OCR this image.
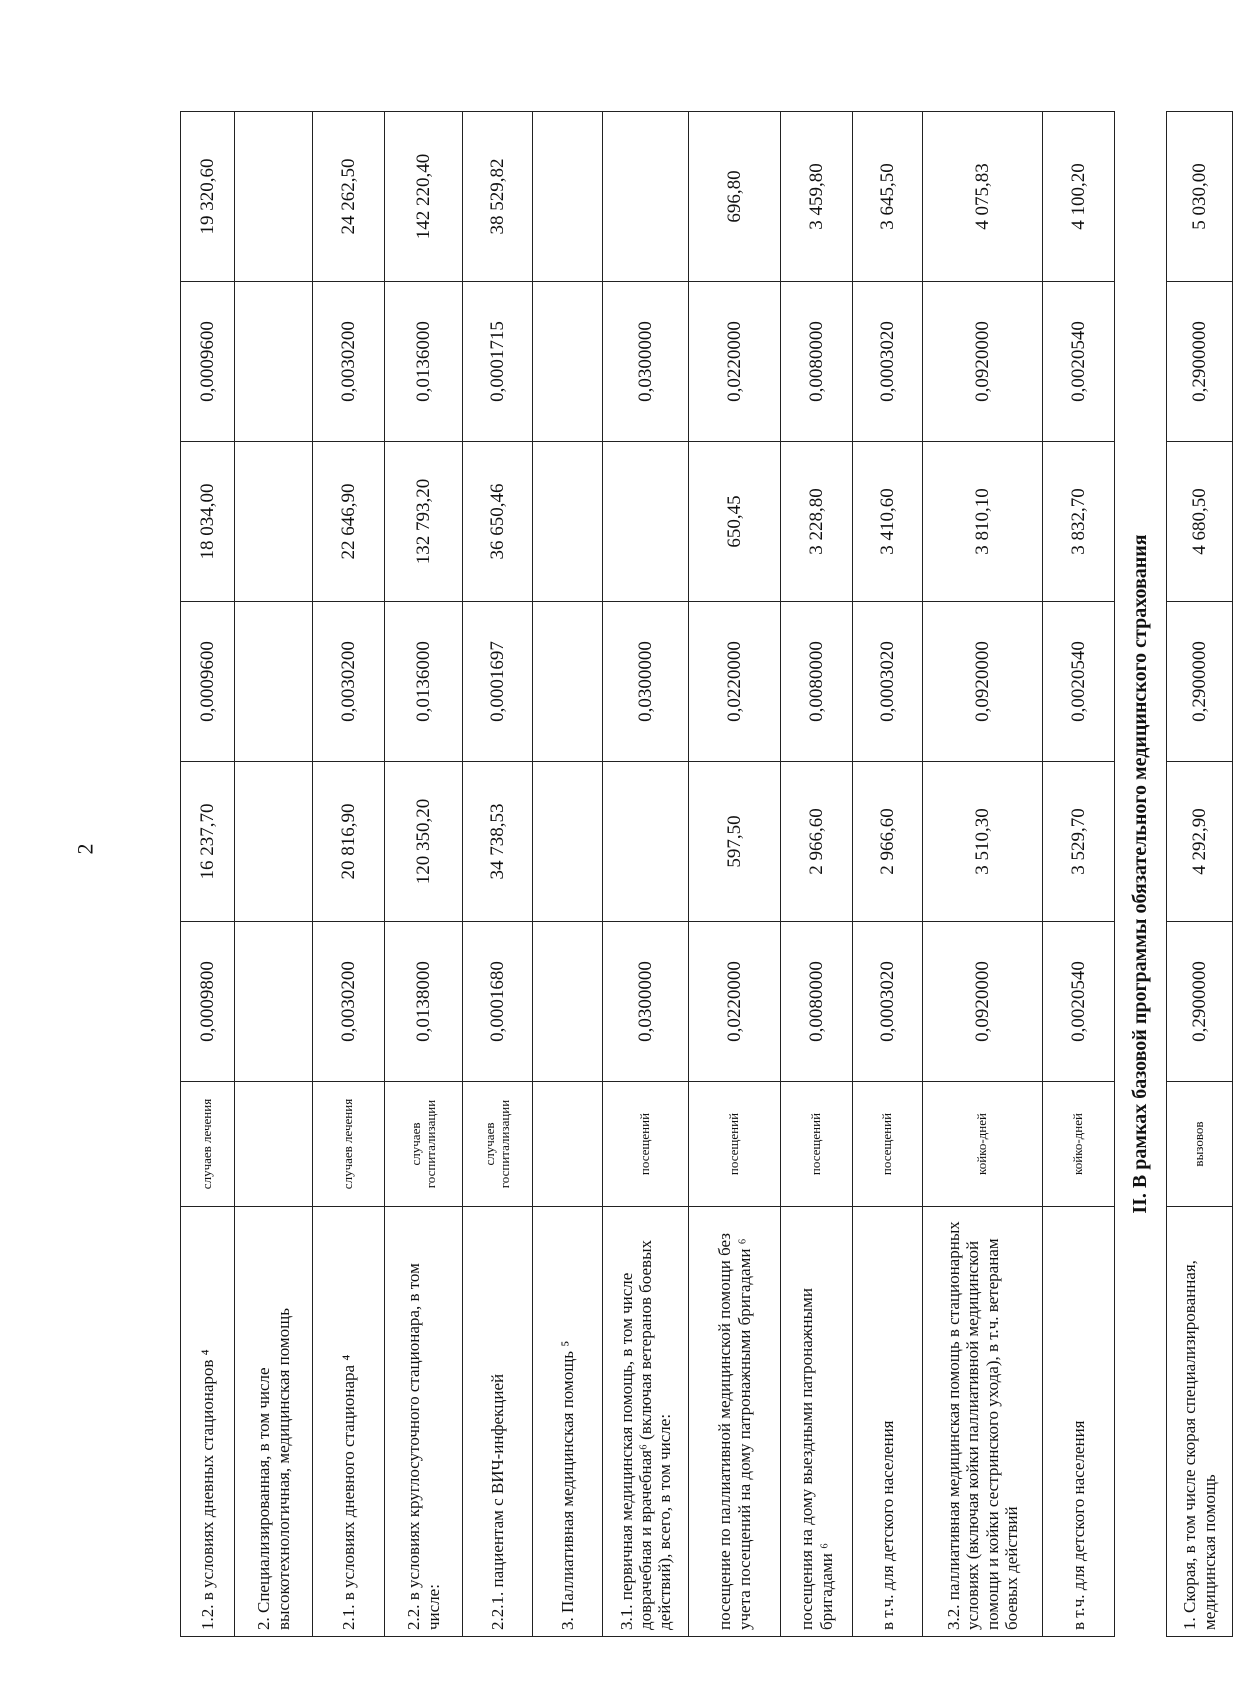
2
1.2. в условиях дневных стационаров ⁴	случаев лечения	0,0009800	16 237,70	0,0009600	18 034,00	0,0009600	19 320,60
2. Специализированная, в том числе высокотехнологичная, медицинская помощь							
2.1. в условиях дневного стационара ⁴	случаев лечения	0,0030200	20 816,90	0,0030200	22 646,90	0,0030200	24 262,50
2.2. в условиях круглосуточного стационара, в том числе:	случаев госпитализации	0,0138000	120 350,20	0,0136000	132 793,20	0,0136000	142 220,40
2.2.1. пациентам с ВИЧ-инфекцией	случаев госпитализации	0,0001680	34 738,53	0,0001697	36 650,46	0,0001715	38 529,82
3. Паллиативная медицинская помощь ⁵							
3.1. первичная медицинская помощь, в том числе доврачебная и врачебная⁶ (включая ветеранов боевых действий), всего, в том числе:	посещений	0,0300000		0,0300000		0,0300000	
посещение по паллиативной медицинской помощи без учета посещений на дому патронажными бригадами ⁶	посещений	0,0220000	597,50	0,0220000	650,45	0,0220000	696,80
посещения на дому выездными патронажными бригадами ⁶	посещений	0,0080000	2 966,60	0,0080000	3 228,80	0,0080000	3 459,80
в т.ч. для детского населения	посещений	0,0003020	2 966,60	0,0003020	3 410,60	0,0003020	3 645,50
3.2. паллиативная медицинская помощь в стационарных условиях (включая койки паллиативной медицинской помощи и койки сестринского ухода), в т.ч. ветеранам боевых действий	койко-дней	0,0920000	3 510,30	0,0920000	3 810,10	0,0920000	4 075,83
в т.ч. для детского населения	койко-дней	0,0020540	3 529,70	0,0020540	3 832,70	0,0020540	4 100,20
II. В рамках базовой программы обязательного медицинского страхования							
1. Скорая, в том числе скорая специализированная, медицинская помощь	вызовов	0,2900000	4 292,90	0,2900000	4 680,50	0,2900000	5 030,00
